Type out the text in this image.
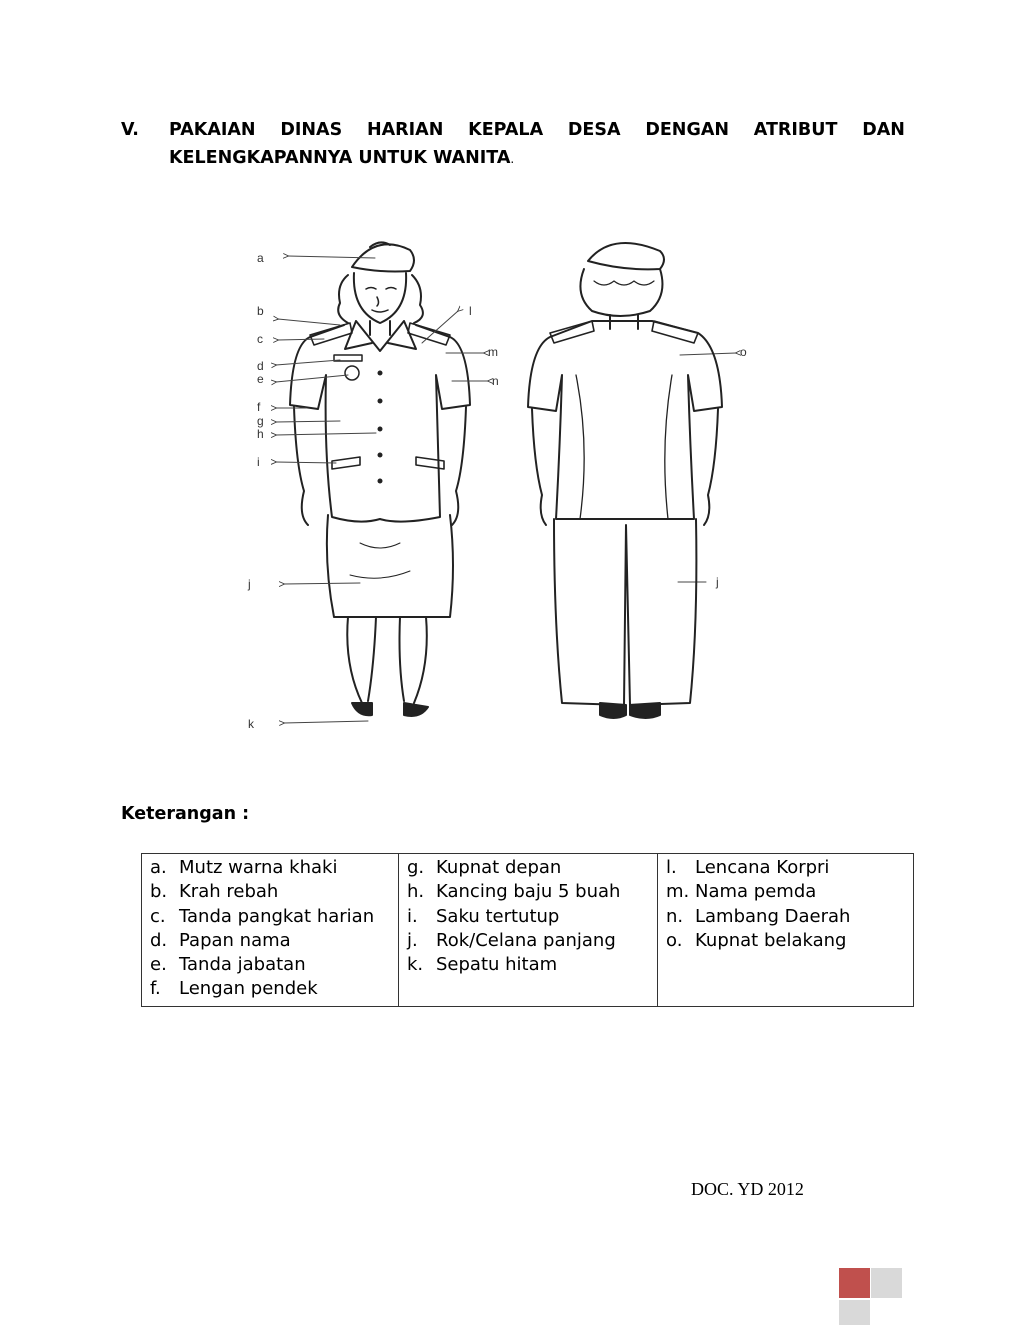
V. PAKAIAN DINAS HARIAN KEPALA DESA DENGAN ATRIBUT DAN
KELENGKAPANNYA UNTUK WANITA.
a
b
c
d
e
f
g
h
i
j
k
l
m
n
o
j
Keterangan :
a. Mutz warna khaki
b. Krah rebah
c. Tanda pangkat harian
d. Papan nama
e. Tanda jabatan
f.	Lengan pendek

g. Kupnat depan
h. Kancing baju 5 buah
i.	Saku tertutup
j.	Rok/Celana panjang
k. Sepatu hitam

l.	Lencana Korpri
m. Nama pemda
n. Lambang Daerah
o. Kupnat belakang
DOC. YD 2012
